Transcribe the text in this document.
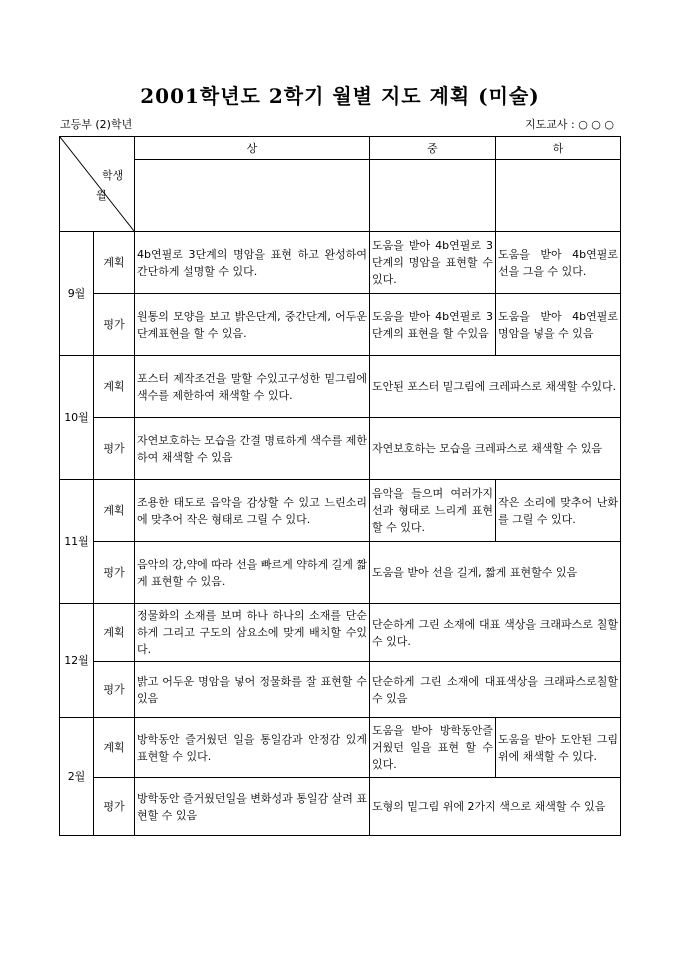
2001학년도 2학기 월별 지도 계획 (미술)
고등부 (2)학년	지도교사 : ○ ○ ○
학생
월		상	중	하

9월	계획	4b연필로 3단계의 명암을 표현 하고 완성하여 간단하게 설명할 수 있다.	도움을 받아 4b연필로 3단계의 명암을 표현할 수 있다.	도움을 받아 4b연필로 선을 그을 수 있다.
	평가	원통의 모양을 보고 밝은단계, 중간단계, 어두운 단계표현을 할 수 있음.	도움을 받아 4b연필로 3단계의 표현을 할 수있음	도움을 받아 4b연필로 명암을 넣을 수 있음
10월	계획	포스터 제작조건을 말할 수있고구성한 밑그림에 색수를 제한하여 채색할 수 있다.	도안된 포스터 밑그림에 크레파스로 채색할 수있다.	
	평가	자연보호하는 모습을 간결 명료하게 색수를 제한하여 채색할 수 있음	자연보호하는 모습을 크레파스로 채색할 수 있음	
11월	계획	조용한 태도로 음악을 감상할 수 있고 느린소리에 맞추어 작은 형태로 그릴 수 있다.	음악을 들으며 여러가지 선과 형태로 느리게 표현할 수 있다.	작은 소리에 맞추어 난화를 그릴 수 있다.
	평가	음악의 강,약에 따라 선을 빠르게 약하게 길게 짧게 표현할 수 있음.	도움을 받아 선을 길게, 짧게 표현할수 있음	
12월	계획	정물화의 소재를 보며 하나 하나의 소재를 단순하게 그리고 구도의 삼요소에 맞게 배치할 수있다.	단순하게 그린 소재에 대표 색상을 크래파스로 칠할 수 있다.	
	평가	밝고 어두운 명암을 넣어 정물화를 잘 표현할 수 있음	단순하게 그린 소재에 대표색상을 크래파스로칠할 수 있음	
2월	계획	방학동안 즐거웠던 일을 통일감과 안정감 있게 표현할 수 있다.	도움을 받아 방학동안즐거웠던 일을 표현 할 수 있다.	도움을 받아 도안된 그림 위에 채색할 수 있다.
	평가	방학동안 즐거웠던일을 변화성과 통일감 살려 표현할 수 있음	도형의 밑그림 위에 2가지 색으로 채색할 수 있음	
